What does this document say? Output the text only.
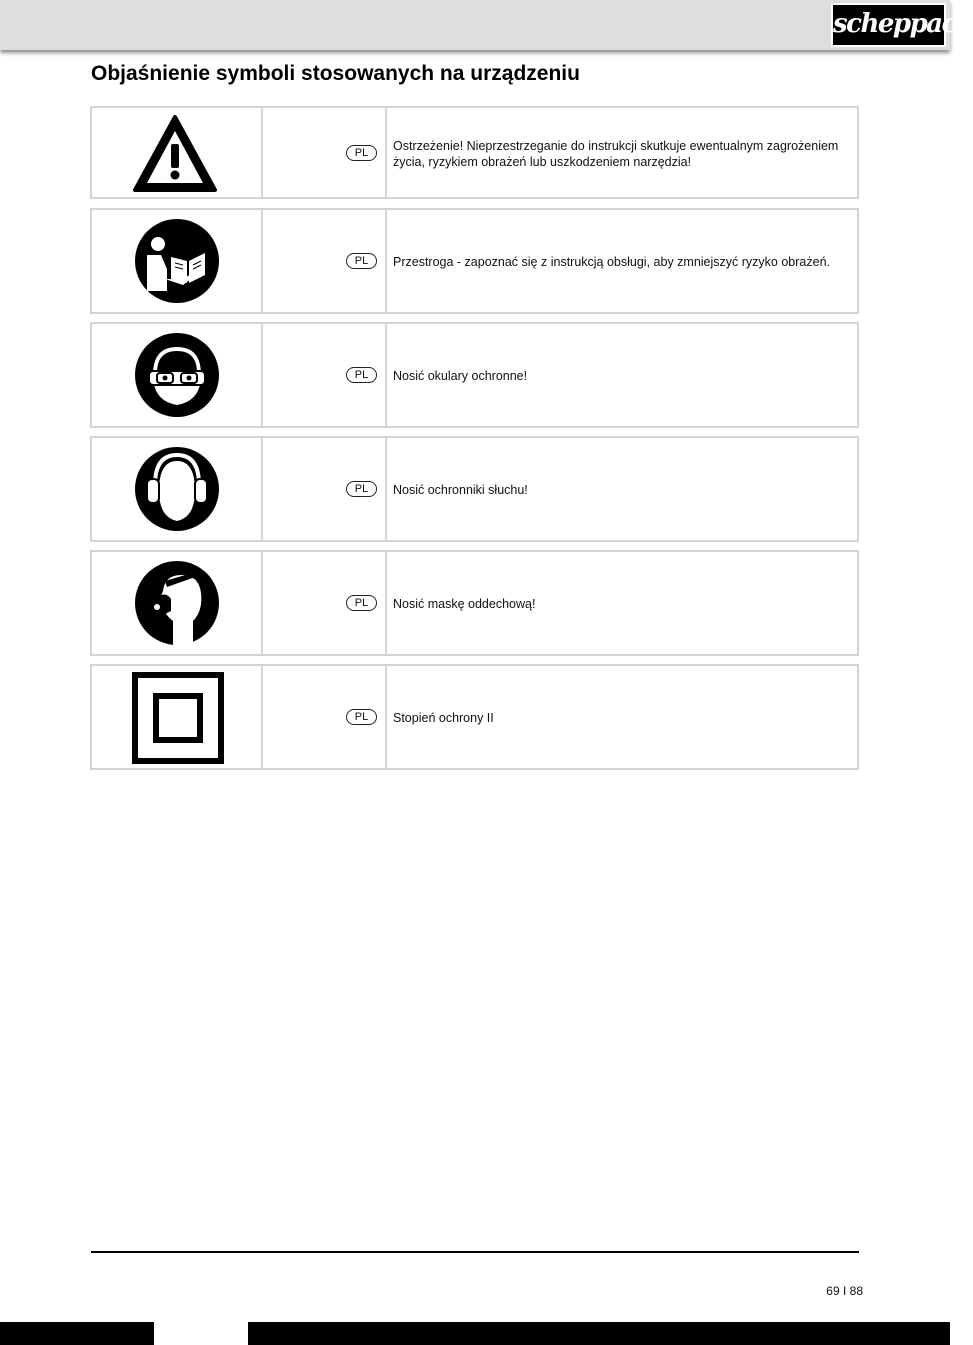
scheppach
Objaśnienie symboli stosowanych na urządzeniu
PL	Ostrzeżenie! Nieprzestrzeganie do instrukcji skutkuje ewentualnym zagrożeniem życia, ryzykiem obrażeń lub uszkodzeniem narzędzia!
PL	Przestroga - zapoznać się z instrukcją obsługi, aby zmniejszyć ryzyko obrażeń.
PL	Nosić okulary ochronne!
PL	Nosić ochronniki słuchu!
PL	Nosić maskę oddechową!
PL	Stopień ochrony II
69 I 88
